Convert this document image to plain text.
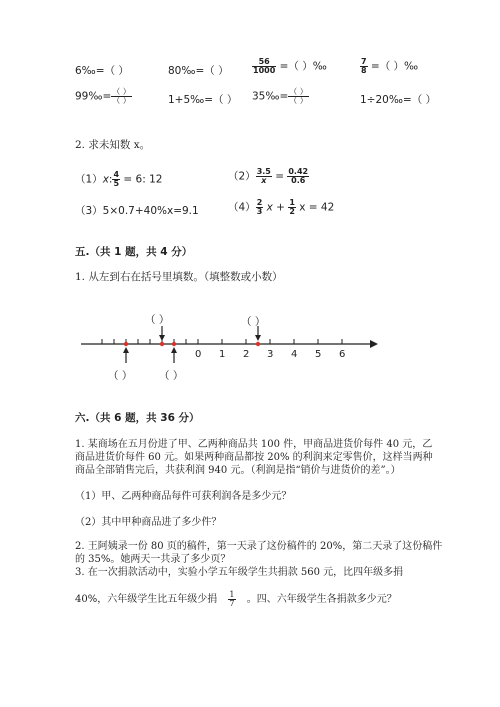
6‰=（ ）	80‰=（ ）	$\frac{56}{1000}$ =（ ）‰	$\frac{7}{8}$ =（ ）‰
99‰= $\frac{( )}{( )}$	1+5‰=（ ） 35‰= $\frac{( )}{( )}$	1÷20‰=（ ）
2. 求未知数 x。
（1）x: $\frac{4}{5} = 6$: 12	$(2) \frac{3.5}{x} = \frac{0.42}{0.6}$
（3）5×0.7+40%x=9.1	$(4) \frac{2}{3}$ $x + \frac{1}{2}$ x = 42
五.（共 1 题，共 4 分）
1. 从左到右在括号里填数。（填整数或小数）
（ ）	（ ）
（ ）	（ ）
0 1 2 3 4 5 6
六.（共 6 题，共 36 分）
1. 某商场在五月份进了甲、乙两种商品共 100 件，甲商品进货价每件 40 元，乙
商品进货价每件 60 元。如果两种商品都按 20% 的利润来定零售价，这样当两种
商品全部销售完后，共获利润 940 元。（利润是指“销价与进货价的差”。）
（1）甲、乙两种商品每件可获利润各是多少元？
（2）其中甲种商品进了多少件？
2. 王阿姨录一份 80 页的稿件，第一天录了这份稿件的 20%，第二天录了这份稿件
的 35%。她两天一共录了多少页？
3. 在一次捐款活动中，实验小学五年级学生共捐款 560 元，比四年级多捐
40%，六年级学生比五年级少捐 $\frac{1}{7}$ 。四、六年级学生各捐款多少元？
